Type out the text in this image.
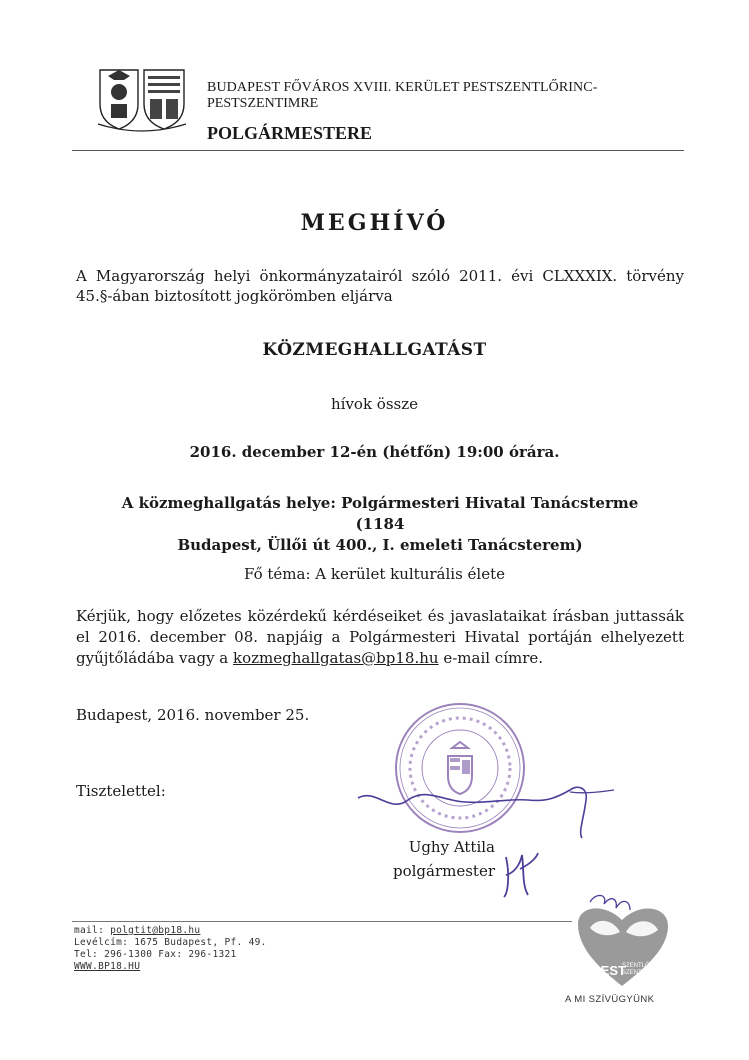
BUDAPEST FŐVÁROS XVIII. KERÜLET PESTSZENTLŐRINC-
PESTSZENTIMRE
POLGÁRMESTERE
MEGHÍVÓ
A Magyarország helyi önkormányzatairól szóló 2011. évi CLXXXIX. törvény
45.§-ában biztosított jogkörömben eljárva
KÖZMEGHALLGATÁST
hívok össze
2016. december 12-én (hétfőn) 19:00 órára.
A közmeghallgatás helye: Polgármesteri Hivatal Tanácsterme (1184
Budapest, Üllői út 400., I. emeleti Tanácsterem)
Fő téma: A kerület kulturális élete
Kérjük, hogy előzetes közérdekű kérdéseiket és javaslataikat írásban juttassák
el 2016. december 08. napjáig a Polgármesteri Hivatal portáján elhelyezett
gyűjtőládába vagy a kozmeghallgatas@bp18.hu e-mail címre.
Budapest, 2016. november 25.
Tisztelettel:
Ughy Attila
polgármester
mail: polgtit@bp18.hu
Levélcím: 1675 Budapest, Pf. 49.
Tel: 296-1300 Fax: 296-1321
WWW.BP18.HU	PEST
SZENTLŐRINC
SZENTIMRE
A MI SZÍVÜGYÜNK
